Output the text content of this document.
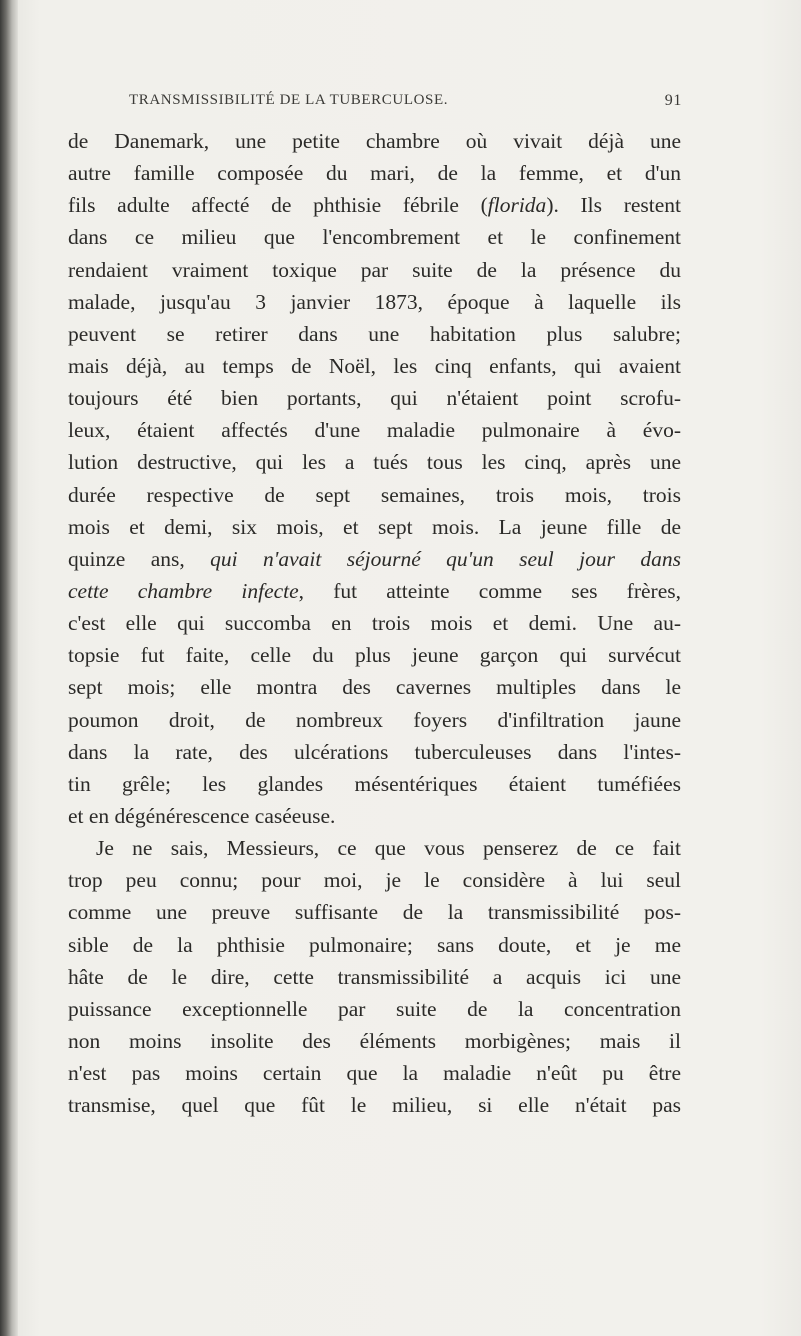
TRANSMISSIBILITÉ DE LA TUBERCULOSE.	91
de Danemark, une petite chambre où vivait déjà une
autre famille composée du mari, de la femme, et d'un
fils adulte affecté de phthisie fébrile (florida). Ils restent
dans ce milieu que l'encombrement et le confinement
rendaient vraiment toxique par suite de la présence du
malade, jusqu'au 3 janvier 1873, époque à laquelle ils
peuvent se retirer dans une habitation plus salubre;
mais déjà, au temps de Noël, les cinq enfants, qui avaient
toujours été bien portants, qui n'étaient point scrofu-
leux, étaient affectés d'une maladie pulmonaire à évo-
lution destructive, qui les a tués tous les cinq, après une
durée respective de sept semaines, trois mois, trois
mois et demi, six mois, et sept mois. La jeune fille de
quinze ans, qui n'avait séjourné qu'un seul jour dans
cette chambre infecte, fut atteinte comme ses frères,
c'est elle qui succomba en trois mois et demi. Une au-
topsie fut faite, celle du plus jeune garçon qui survécut
sept mois; elle montra des cavernes multiples dans le
poumon droit, de nombreux foyers d'infiltration jaune
dans la rate, des ulcérations tuberculeuses dans l'intes-
tin grêle; les glandes mésentériques étaient tuméfiées
et en dégénérescence caséeuse.
Je ne sais, Messieurs, ce que vous penserez de ce fait
trop peu connu; pour moi, je le considère à lui seul
comme une preuve suffisante de la transmissibilité pos-
sible de la phthisie pulmonaire; sans doute, et je me
hâte de le dire, cette transmissibilité a acquis ici une
puissance exceptionnelle par suite de la concentration
non moins insolite des éléments morbigènes; mais il
n'est pas moins certain que la maladie n'eût pu être
transmise, quel que fût le milieu, si elle n'était pas
